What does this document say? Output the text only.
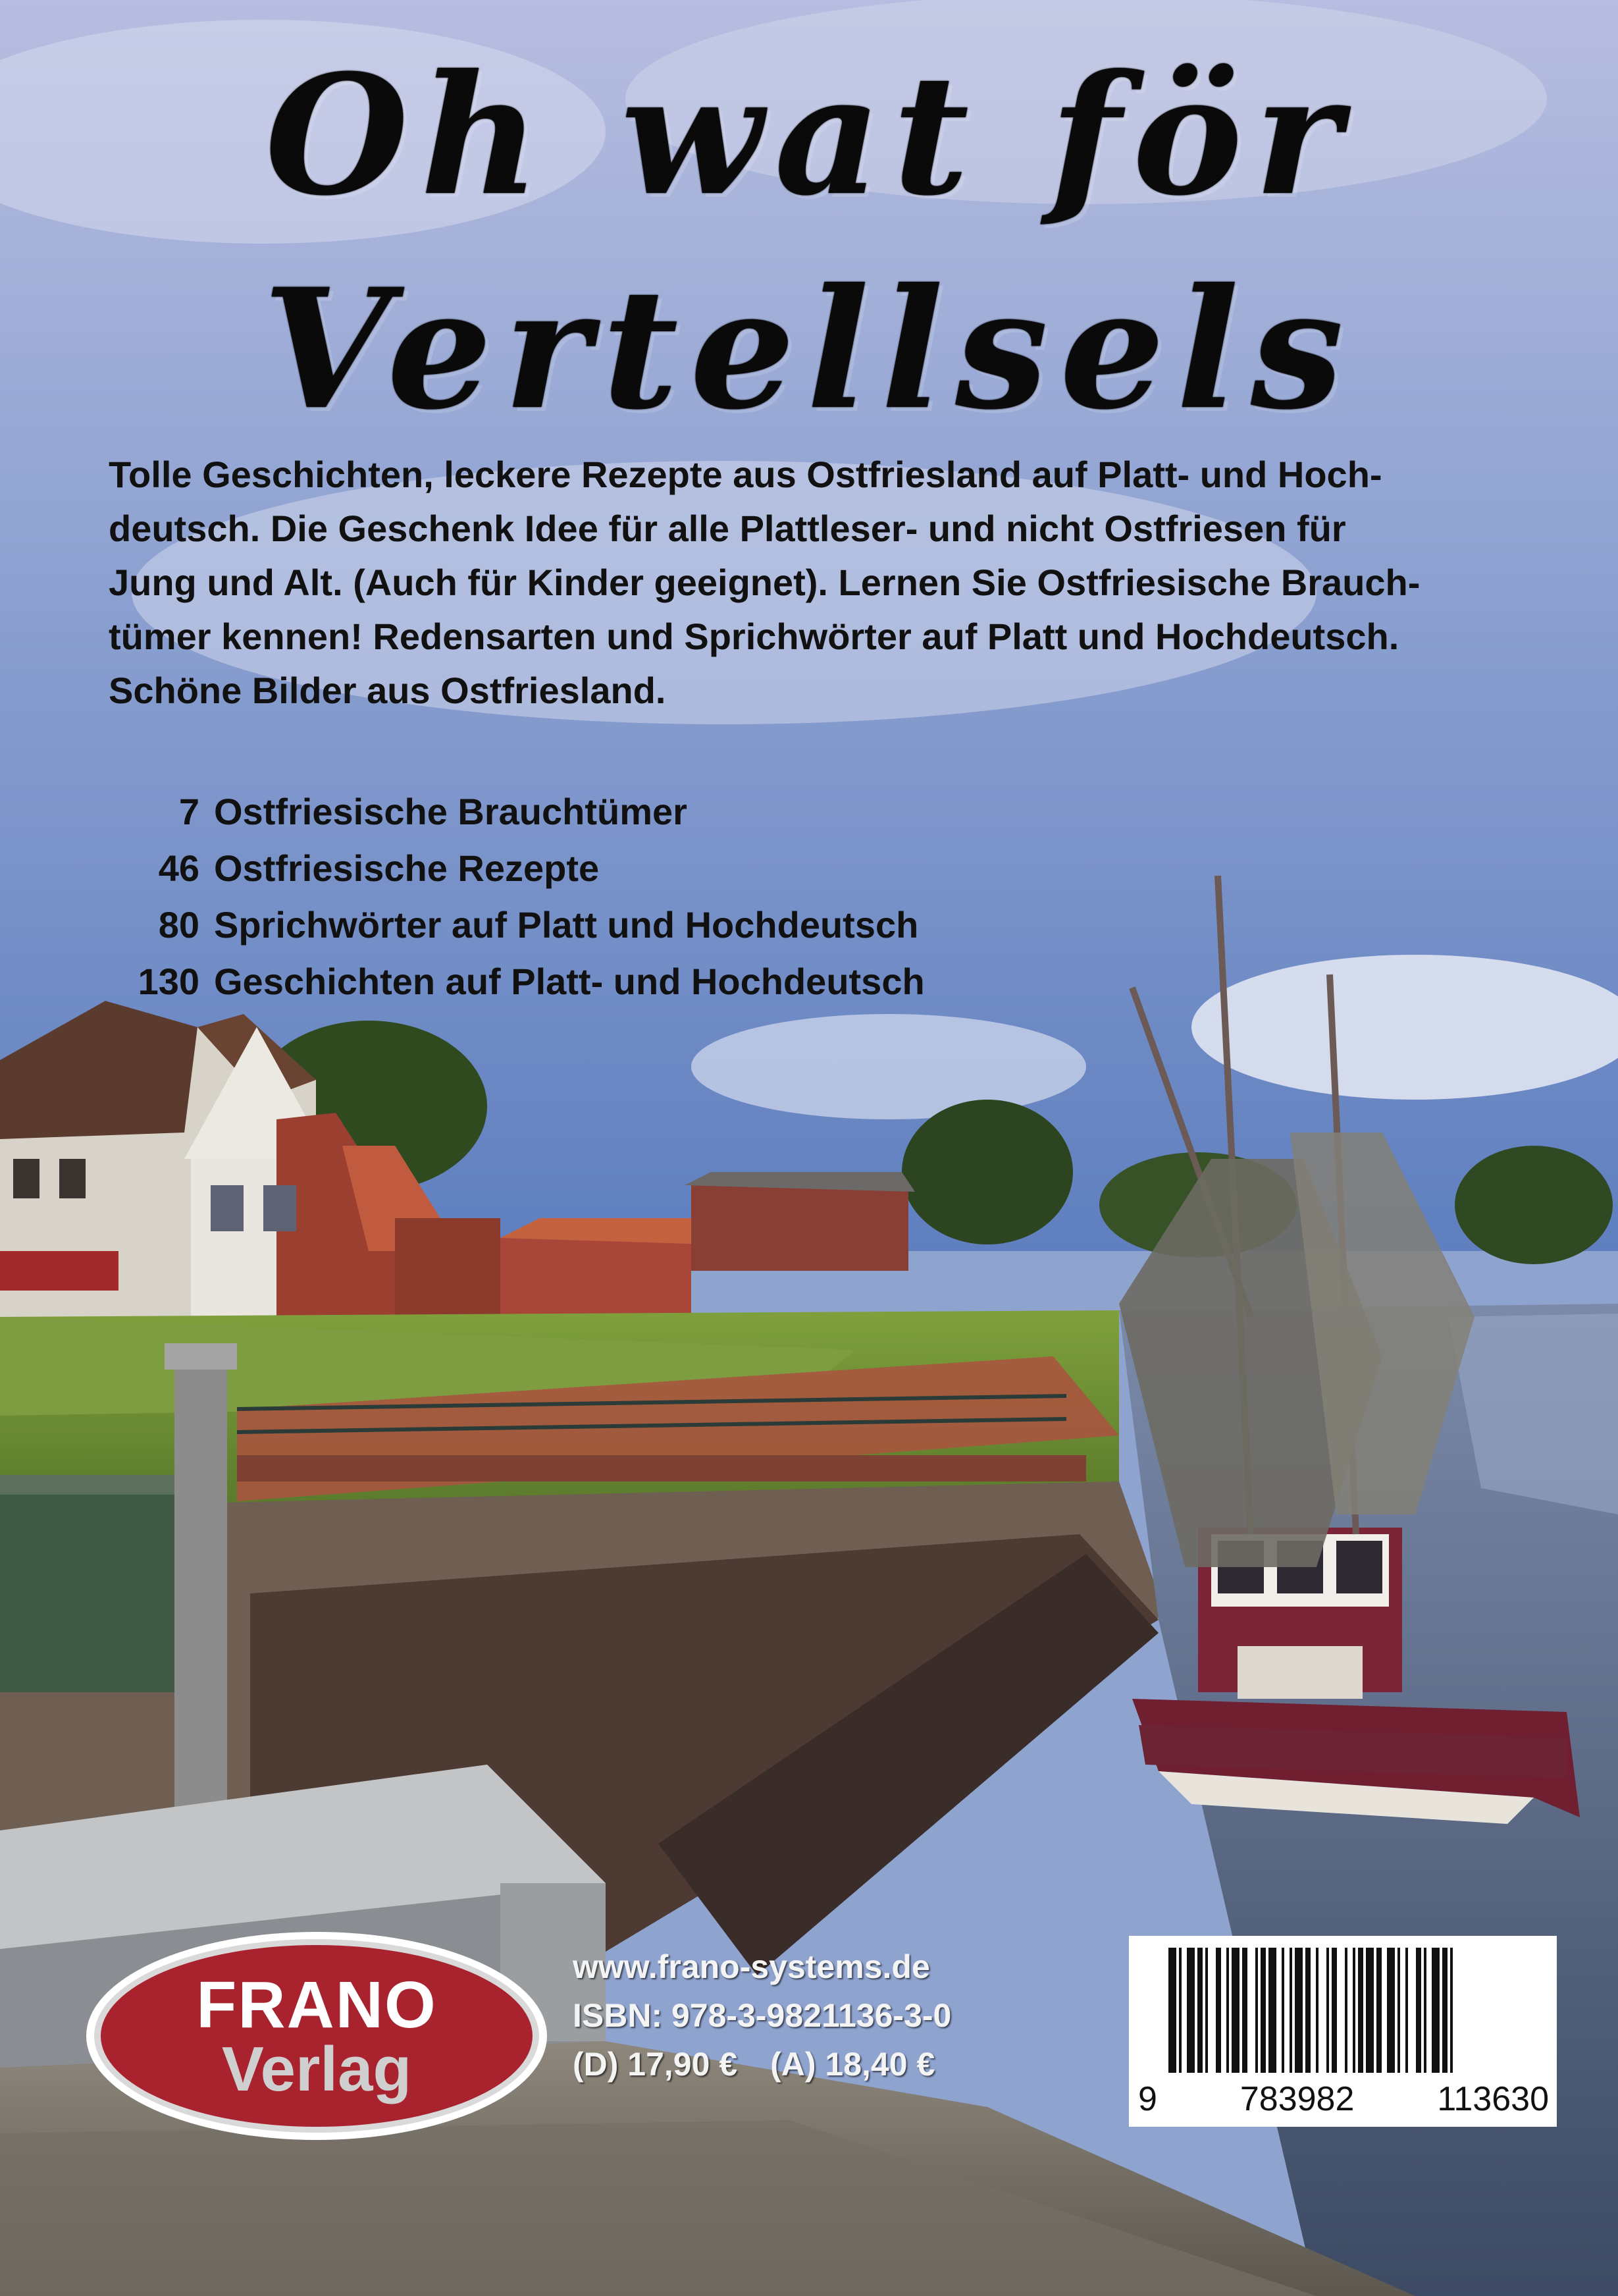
Oh wat för
Vertellsels

Tolle Geschichten, leckere Rezepte aus Ostfriesland auf Platt- und Hoch-

deutsch. Die Geschenk Idee für alle Plattleser- und nicht Ostfriesen für

Jung und Alt. (Auch für Kinder geeignet). Lernen Sie Ostfriesische Brauch-

tümer kennen! Redensarten und Sprichwörter auf Platt und Hochdeutsch.

Schöne Bilder aus Ostfriesland.

7 Ostfriesische Brauchtümer
46 Ostfriesische Rezepte
80 Sprichwörter auf Platt und Hochdeutsch
130 Geschichten auf Platt- und Hochdeutsch
FRANO
Verlag
www.frano-systems.de
ISBN: 978-3-9821136-3-0
(D) 17,90 € (A) 18,40 €
9 783982 113630
